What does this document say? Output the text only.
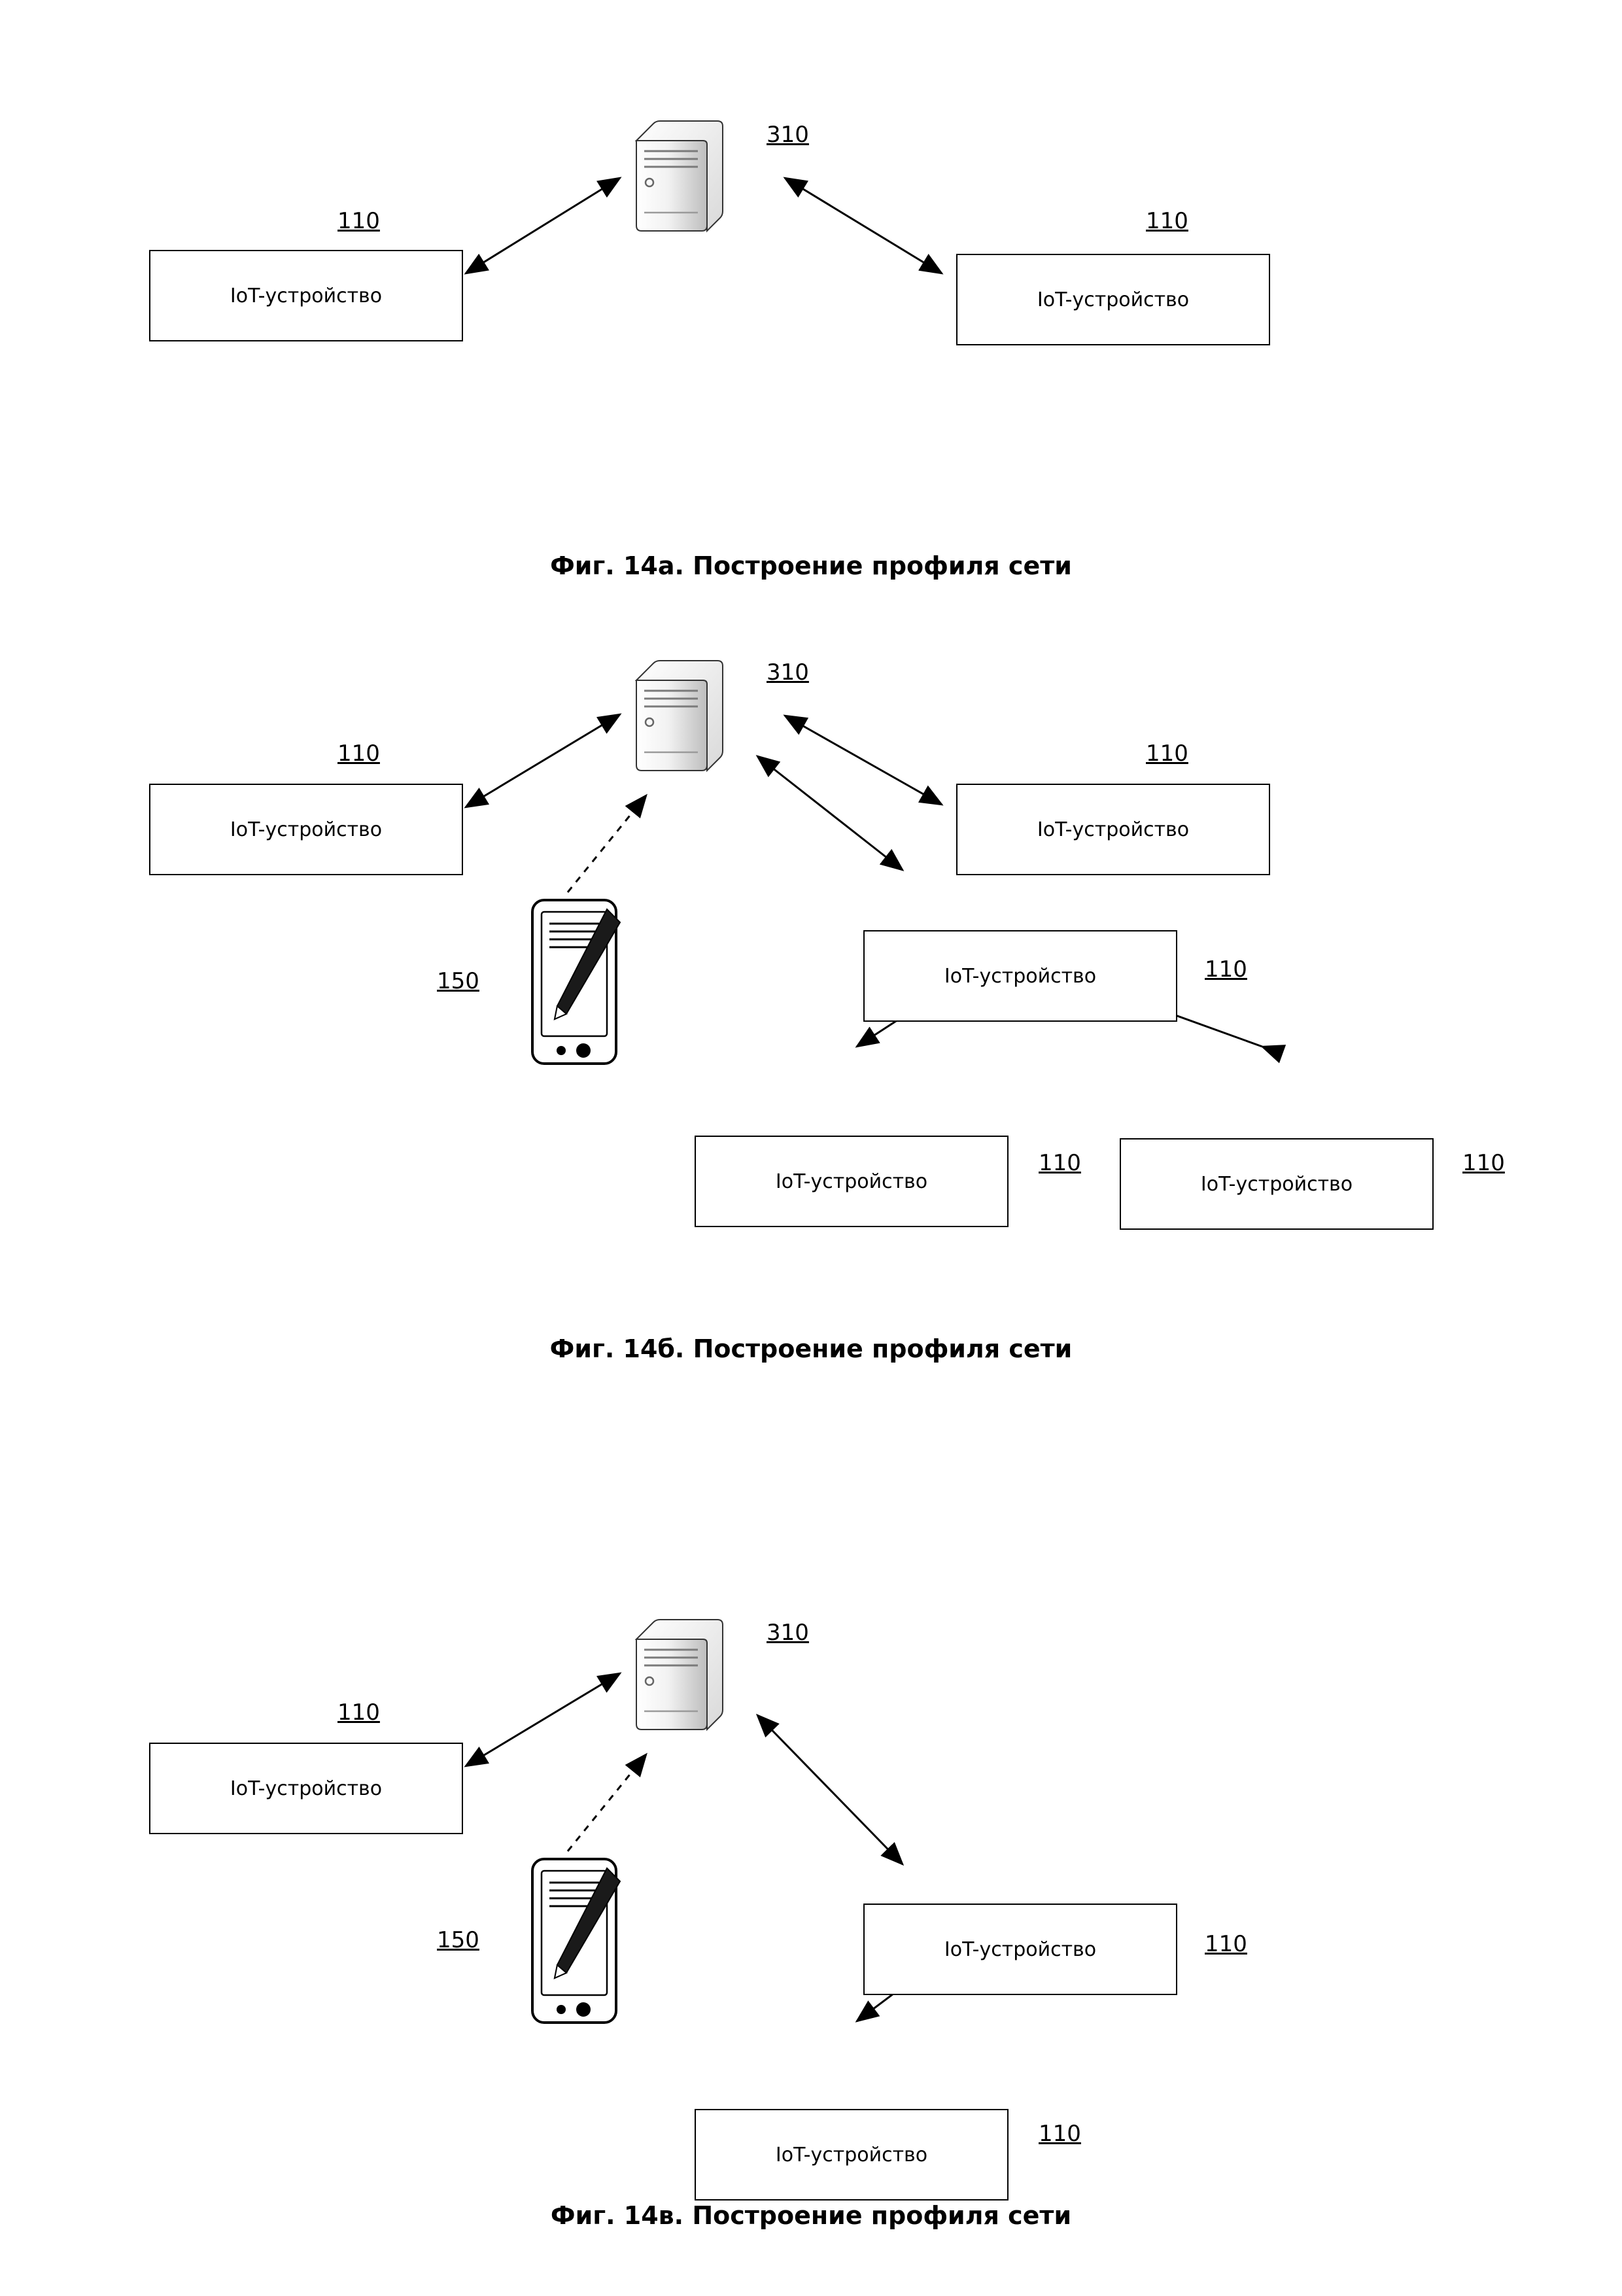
310
IoT-устройство
110
IoT-устройство
110
Фиг. 14а. Построение профиля сети
310
IoT-устройство
110
IoT-устройство
110
IoT-устройство	110
IoT-устройство
110
IoT-устройство
110
150
Фиг. 14б. Построение профиля сети
310
IoT-устройство
110
IoT-устройство	110
IoT-устройство
110
150
Фиг. 14в. Построение профиля сети
